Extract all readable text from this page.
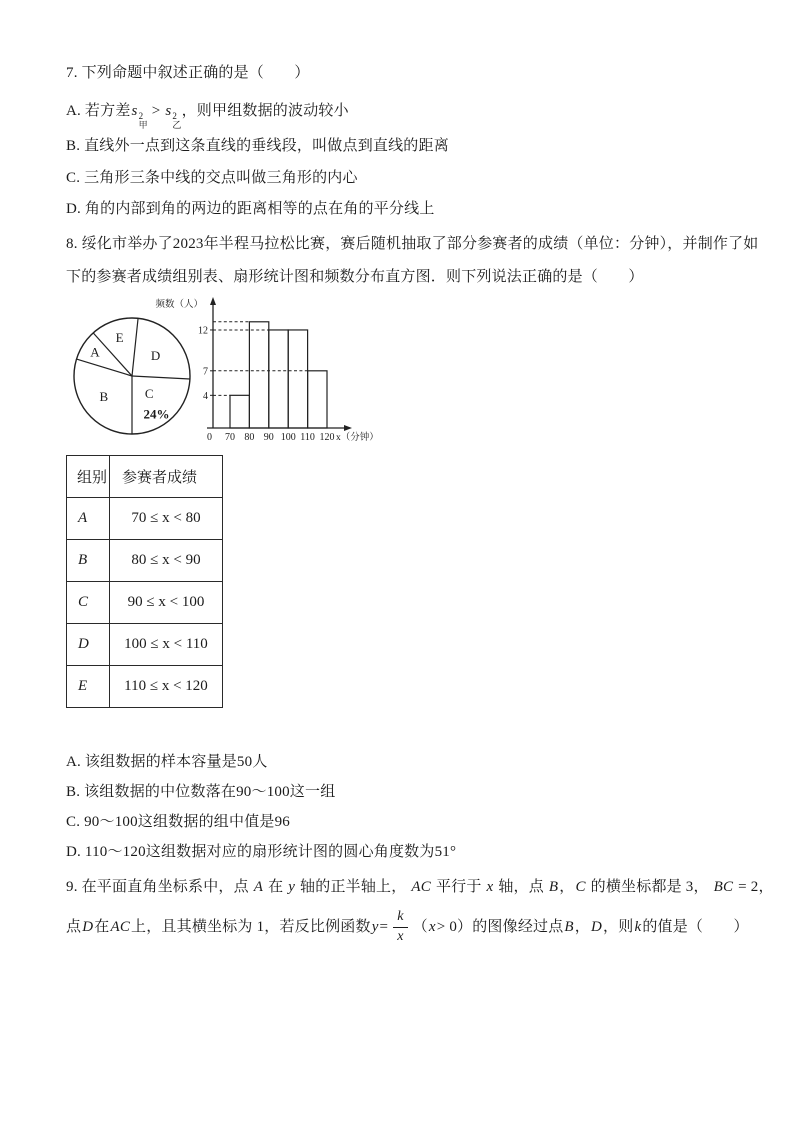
7. 下列命题中叙述正确的是（　　）
A. 若方差s 2
甲
> s 2
乙
，则甲组数据的波动较小
B. 直线外一点到这条直线的垂线段，叫做点到直线的距离
C. 三角形三条中线的交点叫做三角形的内心
D. 角的内部到角的两边的距离相等的点在角的平分线上
8. 绥化市举办了2023年半程马拉松比赛，赛后随机抽取了部分参赛者的成绩（单位：分钟），并制作了如
下的参赛者成绩组别表、扇形统计图和频数分布直方图．则下列说法正确的是（　　）
D
E
A
B	C
24%
4
7
12
0 70 80 90 100 110 120
频数（人）
x（分钟）
组别	参赛者成绩
A	70 ≤ x < 80
B	80 ≤ x < 90
C	90 ≤ x < 100
D	100 ≤ x < 110
E	110 ≤ x < 120
A. 该组数据的样本容量是50人
B. 该组数据的中位数落在90～100这一组
C. 90～100这组数据的组中值是96
D. 110～120这组数据对应的扇形统计图的圆心角度数为51°
9. 在平面直角坐标系中，点 A 在 y 轴的正半轴上， AC 平行于 x 轴，点 B，C 的横坐标都是 3， BC = 2，
点 D 在 AC 上，且其横坐标为 1，若反比例函数 $y = \frac{k}{x}$ （ x > 0）的图像经过点 B ， D ，则 k 的值是（　　）
